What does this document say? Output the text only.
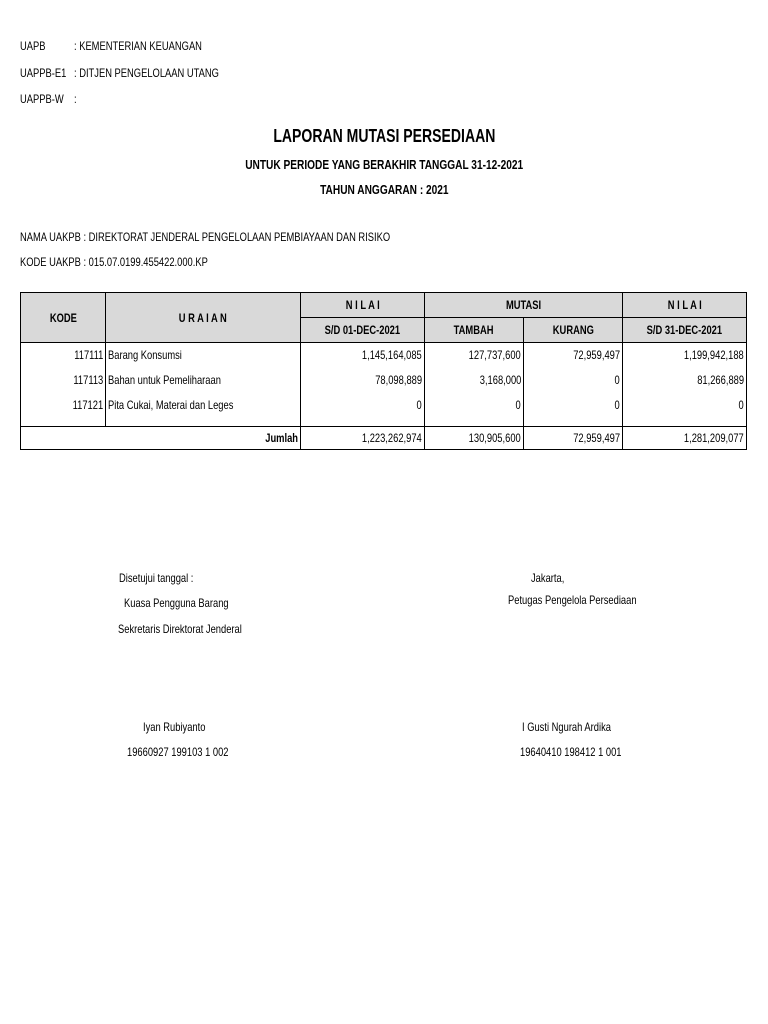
UAPB : KEMENTERIAN KEUANGAN
UAPPB-E1 : DITJEN PENGELOLAAN UTANG
UAPPB-W :
LAPORAN MUTASI PERSEDIAAN
UNTUK PERIODE YANG BERAKHIR TANGGAL 31-12-2021
TAHUN ANGGARAN : 2021
NAMA UAKPB : DIREKTORAT JENDERAL PENGELOLAAN PEMBIAYAAN DAN RISIKO
KODE UAKPB : 015.07.0199.455422.000.KP
KODE	U R A I A N	N I L A I	MUTASI		N I L A I
		S/D 01-DEC-2021	TAMBAH	KURANG	S/D 31-DEC-2021
117111	Barang Konsumsi	1,145,164,085	127,737,600	72,959,497	1,199,942,188
117113	Bahan untuk Pemeliharaan	78,098,889	3,168,000	0	81,266,889
117121	Pita Cukai, Materai dan Leges	0	0	0	0

	Jumlah	1,223,262,974	130,905,600	72,959,497	1,281,209,077
Disetujui tanggal :
Kuasa Pengguna Barang
Sekretaris Direktorat Jenderal
Iyan Rubiyanto
19660927 199103 1 002
Jakarta,
Petugas Pengelola Persediaan
I Gusti Ngurah Ardika
19640410 198412 1 001
